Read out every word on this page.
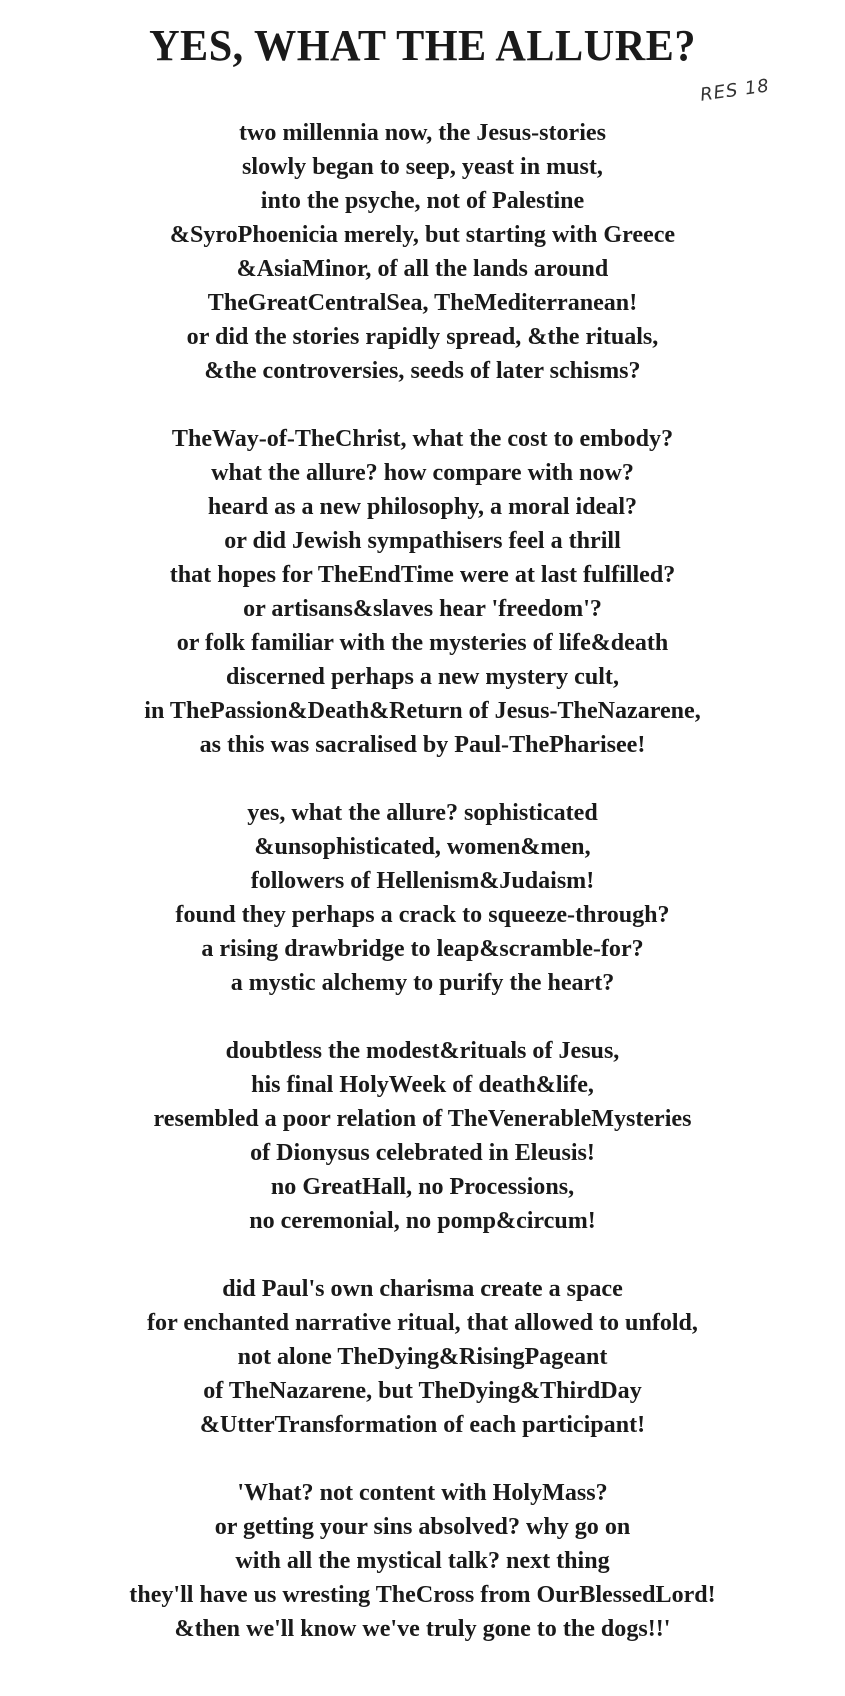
YES, WHAT THE ALLURE?
RES 18
two millennia now, the Jesus-stories
slowly began to seep, yeast in must,
into the psyche, not of Palestine
&SyroPhoenicia merely, but starting with Greece
&AsiaMinor, of all the lands around
TheGreatCentralSea, TheMediterranean!
or did the stories rapidly spread, &the rituals,
&the controversies, seeds of later schisms?
TheWay-of-TheChrist, what the cost to embody?
what the allure? how compare with now?
heard as a new philosophy, a moral ideal?
or did Jewish sympathisers feel a thrill
that hopes for TheEndTime were at last fulfilled?
or artisans&slaves hear 'freedom'?
or folk familiar with the mysteries of life&death
discerned perhaps a new mystery cult,
in ThePassion&Death&Return of Jesus-TheNazarene,
as this was sacralised by Paul-ThePharisee!
yes, what the allure? sophisticated
&unsophisticated, women&men,
followers of Hellenism&Judaism!
found they perhaps a crack to squeeze-through?
a rising drawbridge to leap&scramble-for?
a mystic alchemy to purify the heart?
doubtless the modest&rituals of Jesus,
his final HolyWeek of death&life,
resembled a poor relation of TheVenerableMysteries
of Dionysus celebrated in Eleusis!
no GreatHall, no Processions,
no ceremonial, no pomp&circum!
did Paul's own charisma create a space
for enchanted narrative ritual, that allowed to unfold,
not alone TheDying&RisingPageant
of TheNazarene, but TheDying&ThirdDay
&UtterTransformation of each participant!
'What? not content with HolyMass?
or getting your sins absolved? why go on
with all the mystical talk? next thing
they'll have us wresting TheCross from OurBlessedLord!
&then we'll know we've truly gone to the dogs!!'
